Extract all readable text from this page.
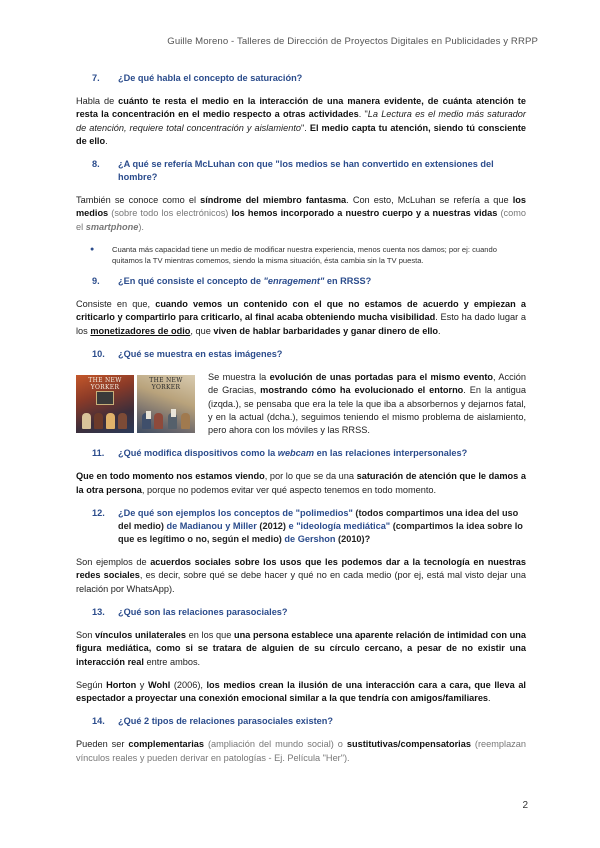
Guille Moreno - Talleres de Dirección de Proyectos Digitales en Publicidades y RRPP
7.	¿De qué habla el concepto de saturación?

Habla de cuánto te resta el medio en la interacción de una manera evidente, de cuánta atención te resta la concentración en el medio respecto a otras actividades. "La Lectura es el medio más saturador de atención, requiere total concentración y aislamiento". El medio capta tu atención, siendo tú consciente de ello.

8.	¿A qué se refería McLuhan con que "los medios se han convertido en extensiones del hombre?

También se conoce como el síndrome del miembro fantasma. Con esto, McLuhan se refería a que los medios (sobre todo los electrónicos) los hemos incorporado a nuestro cuerpo y a nuestras vidas (como el smartphone).

●	Cuanta más capacidad tiene un medio de modificar nuestra experiencia, menos cuenta nos damos; por ej: cuando quitamos la TV mientras comemos, siendo la misma situación, ésta cambia sin la TV puesta.
9.	¿En qué consiste el concepto de "enragement" en RRSS?

Consiste en que, cuando vemos un contenido con el que no estamos de acuerdo y empiezan a criticarlo y compartirlo para criticarlo, al final acaba obteniendo mucha visibilidad. Esto ha dado lugar a los monetizadores de odio, que viven de hablar barbaridades y ganar dinero de ello.

10.	¿Qué se muestra en estas imágenes?
THE NEW YORKER
THE NEW YORKER

Se muestra la evolución de unas portadas para el mismo evento, Acción de Gracias, mostrando cómo ha evolucionado el entorno. En la antigua (izqda.), se pensaba que era la tele la que iba a absorbernos y dejarnos fatal, y en la actual (dcha.), seguimos teniendo el mismo problema de aislamiento, pero ahora con los móviles y las RRSS.

11.	¿Qué modifica dispositivos como la webcam en las relaciones interpersonales?

Que en todo momento nos estamos viendo, por lo que se da una saturación de atención que le damos a la otra persona, porque no podemos evitar ver qué aspecto tenemos en todo momento.

12.	¿De qué son ejemplos los conceptos de "polimedios" (todos compartimos una idea del uso del medio) de Madianou y Miller (2012) e "ideología mediática" (compartimos la idea sobre lo que es legítimo o no, según el medio) de Gershon (2010)?

Son ejemplos de acuerdos sociales sobre los usos que les podemos dar a la tecnología en nuestras redes sociales, es decir, sobre qué se debe hacer y qué no en cada medio (por ej, está mal visto dejar una relación por WhatsApp).

13.	¿Qué son las relaciones parasociales?

Son vínculos unilaterales en los que una persona establece una aparente relación de intimidad con una figura mediática, como si se tratara de alguien de su círculo cercano, a pesar de no existir una interacción real entre ambos.

Según Horton y Wohl (2006), los medios crean la ilusión de una interacción cara a cara, que lleva al espectador a proyectar una conexión emocional similar a la que tendría con amigos/familiares.

14.	¿Qué 2 tipos de relaciones parasociales existen?

Pueden ser complementarias (ampliación del mundo social) o sustitutivas/compensatorias (reemplazan vínculos reales y pueden derivar en patologías - Ej. Película "Her").

2
